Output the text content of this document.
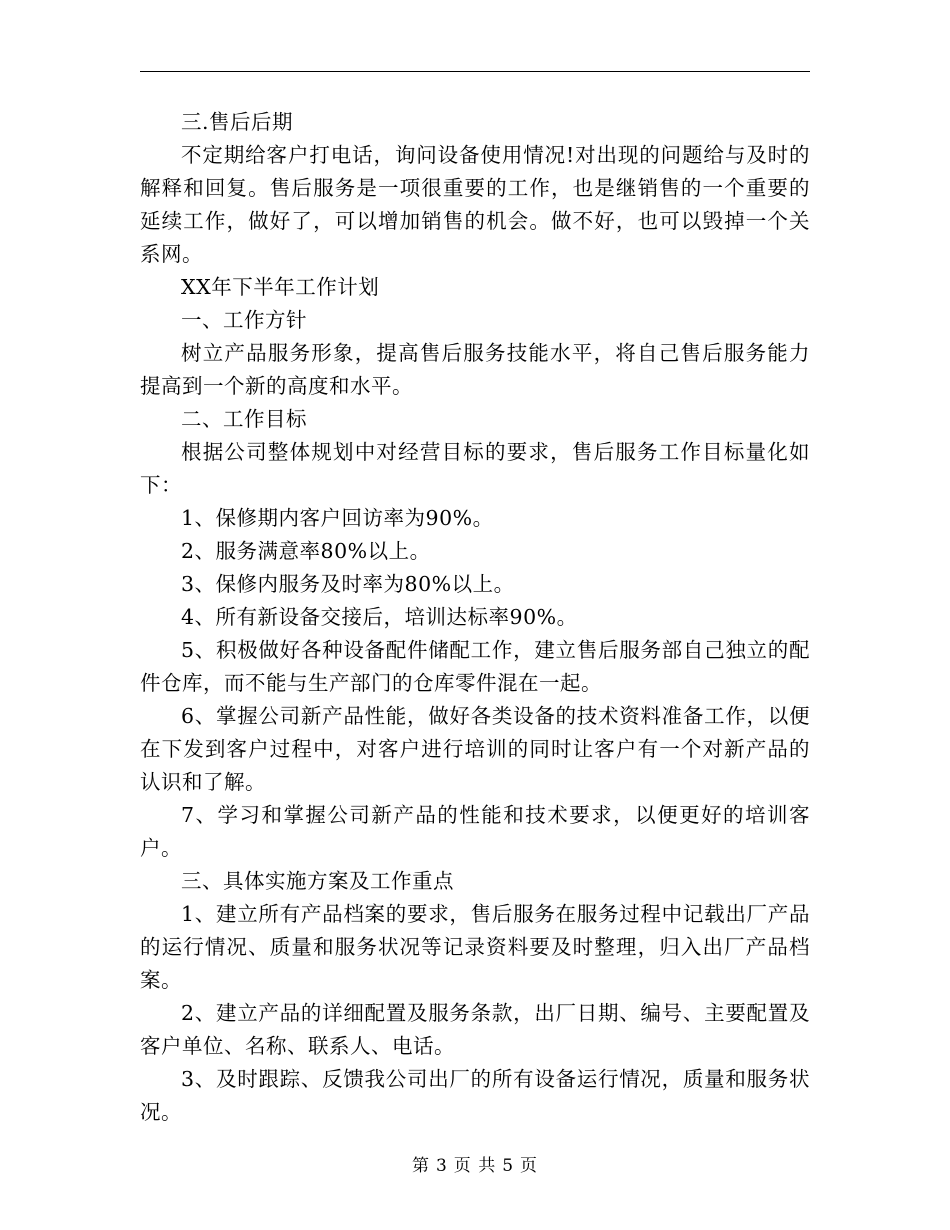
三.售后后期

不定期给客户打电话，询问设备使用情况!对出现的问题给与及时的解释和回复。售后服务是一项很重要的工作，也是继销售的一个重要的延续工作，做好了，可以增加销售的机会。做不好，也可以毁掉一个关系网。

XX年下半年工作计划

一、工作方针

树立产品服务形象，提高售后服务技能水平，将自己售后服务能力提高到一个新的高度和水平。

二、工作目标

根据公司整体规划中对经营目标的要求，售后服务工作目标量化如下：

1、保修期内客户回访率为90%。

2、服务满意率80%以上。

3、保修内服务及时率为80%以上。

4、所有新设备交接后，培训达标率90%。

5、积极做好各种设备配件储配工作，建立售后服务部自己独立的配件仓库，而不能与生产部门的仓库零件混在一起。

6、掌握公司新产品性能，做好各类设备的技术资料准备工作，以便在下发到客户过程中，对客户进行培训的同时让客户有一个对新产品的认识和了解。

7、学习和掌握公司新产品的性能和技术要求，以便更好的培训客户。

三、具体实施方案及工作重点

1、建立所有产品档案的要求，售后服务在服务过程中记载出厂产品的运行情况、质量和服务状况等记录资料要及时整理，归入出厂产品档案。

2、建立产品的详细配置及服务条款，出厂日期、编号、主要配置及客户单位、名称、联系人、电话。

3、及时跟踪、反馈我公司出厂的所有设备运行情况，质量和服务状况。

第 3 页 共 5 页
